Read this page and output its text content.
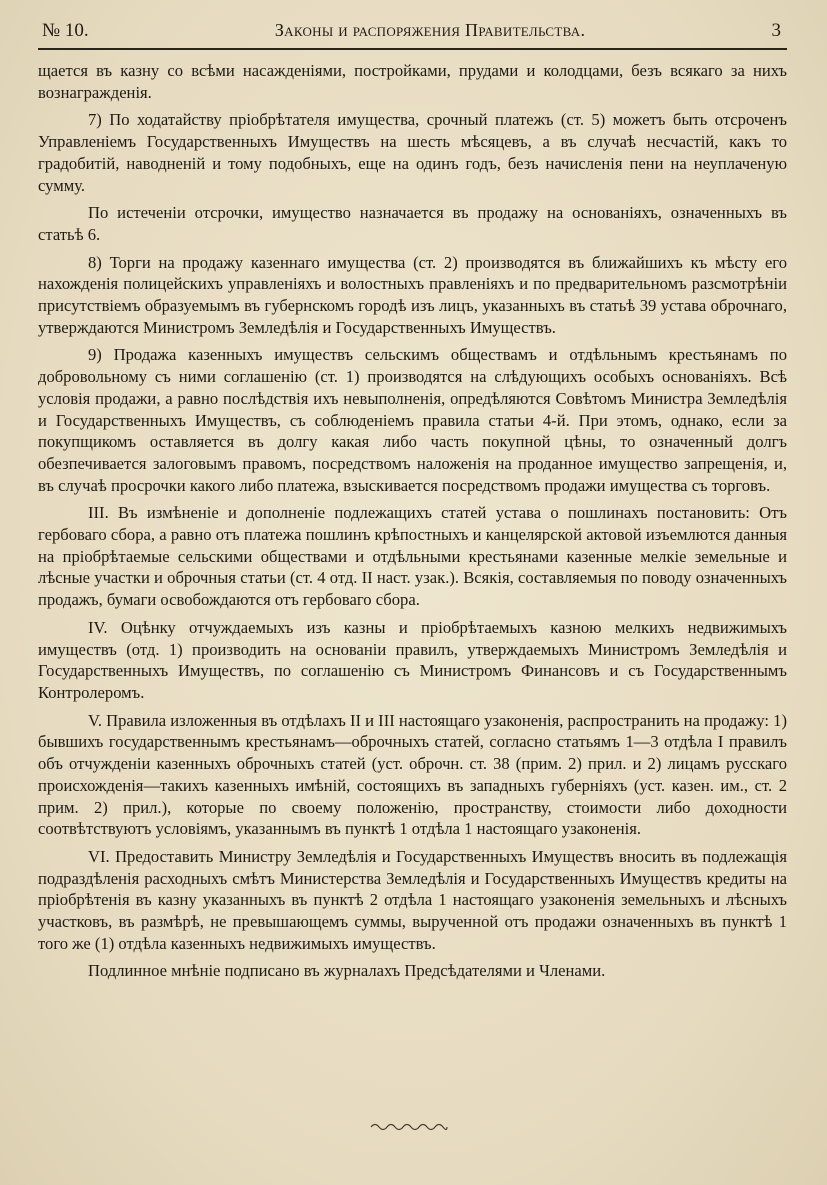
№ 10.	Законы и распоряжения Правительства.	3

щается въ казну со всѣми насажденіями, постройками, прудами и колодцами, безъ всякаго за нихъ вознагражденія.

7) По ходатайству пріобрѣтателя имущества, срочный платежъ (ст. 5) можетъ быть отсроченъ Управленіемъ Государственныхъ Имуществъ на шесть мѣсяцевъ, а въ случаѣ несчастій, какъ то градобитій, наводненій и тому подобныхъ, еще на одинъ годъ, безъ начисленія пени на неуплаченую сумму.

По истеченіи отсрочки, имущество назначается въ продажу на основаніяхъ, означенныхъ въ статьѣ 6.

8) Торги на продажу казеннаго имущества (ст. 2) производятся въ ближайшихъ къ мѣсту его нахожденія полицейскихъ управленіяхъ и волостныхъ правленіяхъ и по предварительномъ разсмотрѣніи присутствіемъ образуемымъ въ губернскомъ городѣ изъ лицъ, указанныхъ въ статьѣ 39 устава оброчнаго, утверждаются Министромъ Земледѣлія и Государственныхъ Имуществъ.

9) Продажа казенныхъ имуществъ сельскимъ обществамъ и отдѣльнымъ крестьянамъ по добровольному съ ними соглашенію (ст. 1) производятся на слѣдующихъ особыхъ основаніяхъ. Всѣ условія продажи, а равно послѣдствія ихъ невыполненія, опредѣляются Совѣтомъ Министра Земледѣлія и Государственныхъ Имуществъ, съ соблюденіемъ правила статьи 4-й. При этомъ, однако, если за покупщикомъ оставляется въ долгу какая либо часть покупной цѣны, то означенный долгъ обезпечивается залоговымъ правомъ, посредствомъ наложенія на проданное имущество запрещенія, и, въ случаѣ просрочки какого либо платежа, взыскивается посредствомъ продажи имущества съ торговъ.

III. Въ измѣненіе и дополненіе подлежащихъ статей устава о пошлинахъ постановить: Отъ гербоваго сбора, а равно отъ платежа пошлинъ крѣпостныхъ и канцелярской актовой изъемлются данныя на пріобрѣтаемые сельскими обществами и отдѣльными крестьянами казенные мелкіе земельные и лѣсные участки и оброчныя статьи (ст. 4 отд. II наст. узак.). Всякія, составляемыя по поводу означенныхъ продажъ, бумаги освобождаются отъ гербоваго сбора.

IV. Оцѣнку отчуждаемыхъ изъ казны и пріобрѣтаемыхъ казною мелкихъ недвижимыхъ имуществъ (отд. 1) производить на основаніи правилъ, утверждаемыхъ Министромъ Земледѣлія и Государственныхъ Имуществъ, по соглашенію съ Министромъ Финансовъ и съ Государственнымъ Контролеромъ.

V. Правила изложенныя въ отдѣлахъ II и III настоящаго узаконенія, распространить на продажу: 1) бывшихъ государственнымъ крестьянамъ—оброчныхъ статей, согласно статьямъ 1—3 отдѣла I правилъ объ отчужденіи казенныхъ оброчныхъ статей (уст. оброчн. ст. 38 (прим. 2) прил. и 2) лицамъ русскаго происхожденія—такихъ казенныхъ имѣній, состоящихъ въ западныхъ губерніяхъ (уст. казен. им., ст. 2 прим. 2) прил.), которые по своему положенію, пространству, стоимости либо доходности соотвѣтствуютъ условіямъ, указаннымъ въ пунктѣ 1 отдѣла 1 настоящаго узаконенія.

VI. Предоставить Министру Земледѣлія и Государственныхъ Имуществъ вносить въ подлежащія подраздѣленія расходныхъ смѣтъ Министерства Земледѣлія и Государственныхъ Имуществъ кредиты на пріобрѣтенія въ казну указанныхъ въ пунктѣ 2 отдѣла 1 настоящаго узаконенія земельныхъ и лѣсныхъ участковъ, въ размѣрѣ, не превышающемъ суммы, вырученной отъ продажи означенныхъ въ пунктѣ 1 того же (1) отдѣла казенныхъ недвижимыхъ имуществъ.

Подлинное мнѣніе подписано въ журналахъ Предсѣдателями и Членами.
